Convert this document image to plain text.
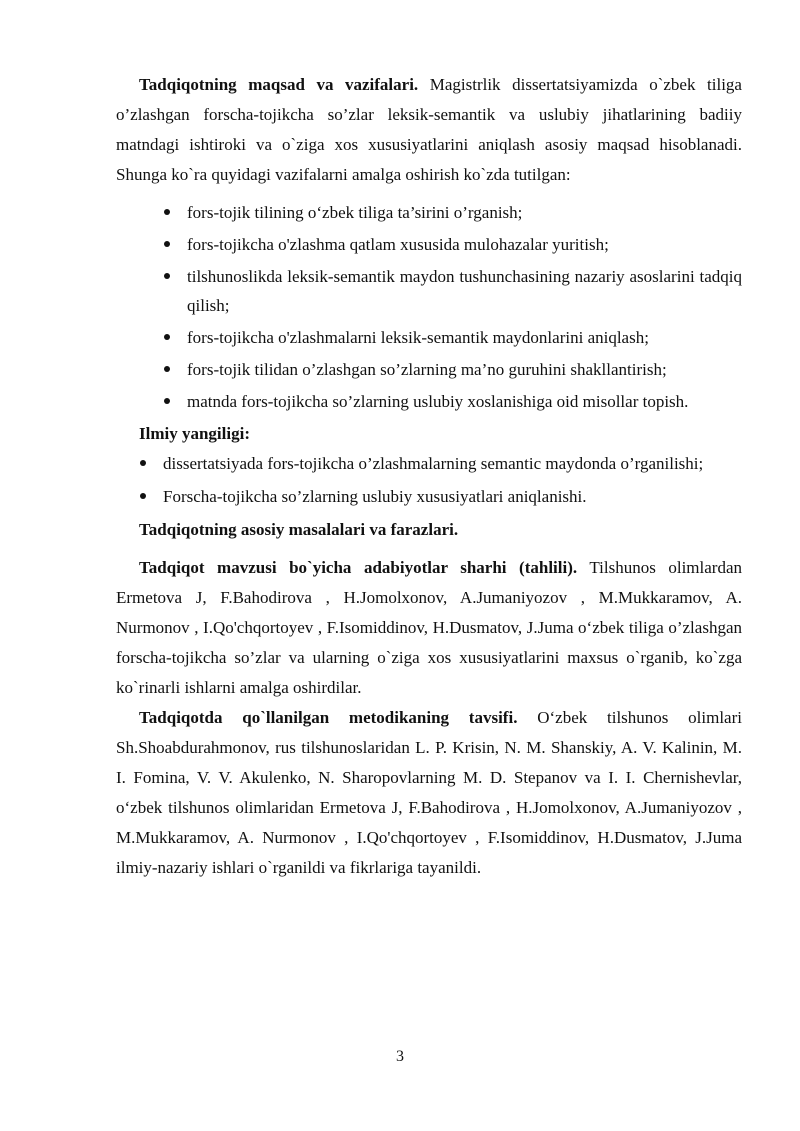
Tadqiqotning maqsad va vazifalari. Magistrlik dissertatsiyamizda o`zbek tiliga o’zlashgan forscha-tojikcha so’zlar leksik-semantik va uslubiy jihatlarining badiiy matndagi ishtiroki va o`ziga xos xususiyatlarini aniqlash asosiy maqsad hisoblanadi. Shunga ko`ra quyidagi vazifalarni amalga oshirish ko`zda tutilgan:

fors-tojik tilining o‘zbek tiliga ta’sirini o’rganish;
fors-tojikcha o'zlashma qatlam xususida mulohazalar yuritish;
tilshunoslikda leksik-semantik maydon tushunchasining nazariy asoslarini tadqiq qilish;
fors-tojikcha o'zlashmalarni leksik-semantik maydonlarini aniqlash;
fors-tojik tilidan o’zlashgan so’zlarning ma’no guruhini shakllantirish;
matnda fors-tojikcha so’zlarning uslubiy xoslanishiga oid misollar topish.
Ilmiy yangiligi:
dissertatsiyada fors-tojikcha o’zlashmalarning semantic maydonda o’rganilishi;
Forscha-tojikcha so’zlarning uslubiy xususiyatlari aniqlanishi.
Tadqiqotning asosiy masalalari va farazlari.

Tadqiqot mavzusi bo`yicha adabiyotlar sharhi (tahlili). Tilshunos olimlardan Ermetova J, F.Bahodirova , H.Jomolxonov, A.Jumaniyozov , M.Mukkaramov, A. Nurmonov , I.Qo'chqortoyev , F.Isomiddinov, H.Dusmatov, J.Juma o‘zbek tiliga o’zlashgan forscha-tojikcha so’zlar va ularning o`ziga xos xususiyatlarini maxsus o`rganib, ko`zga ko`rinarli ishlarni amalga oshirdilar.

Tadqiqotda qo`llanilgan metodikaning tavsifi. O‘zbek tilshunos olimlari Sh.Shoabdurahmonov, rus tilshunoslaridan L. P. Krisin, N. M. Shanskiy, A. V. Kalinin, M. I. Fomina, V. V. Akulenko, N. Sharopovlarning M. D. Stepanov va I. I. Chernishevlar, o‘zbek tilshunos olimlaridan Ermetova J, F.Bahodirova , H.Jomolxonov, A.Jumaniyozov , M.Mukkaramov, A. Nurmonov , I.Qo'chqortoyev , F.Isomiddinov, H.Dusmatov, J.Juma ilmiy-nazariy ishlari o`rganildi va fikrlariga tayanildi.

3
